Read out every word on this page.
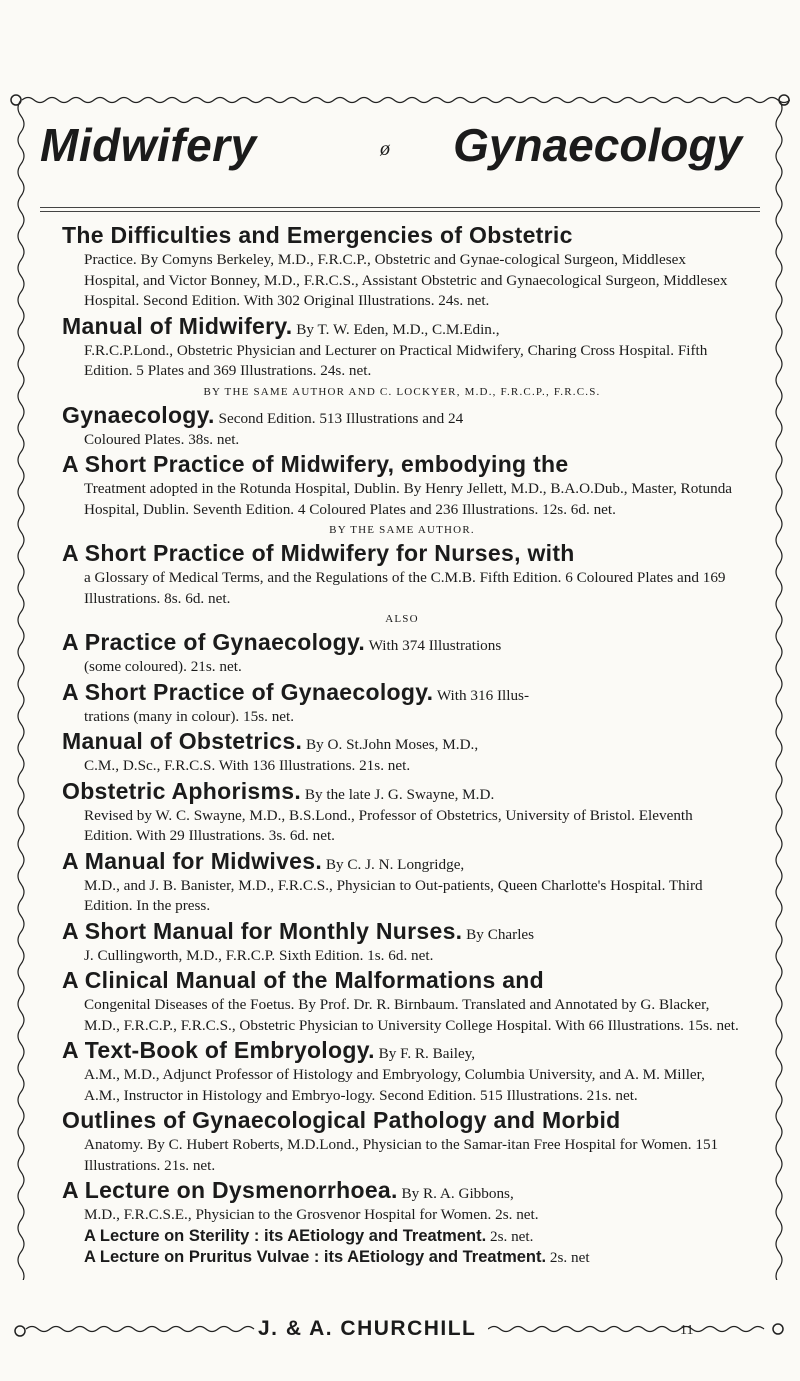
Midwifery	ø Gynaecology
The Difficulties and Emergencies of Obstetric
Practice. By Comyns Berkeley, M.D., F.R.C.P., Obstetric and Gynae-cological Surgeon, Middlesex Hospital, and Victor Bonney, M.D., F.R.C.S., Assistant Obstetric and Gynaecological Surgeon, Middlesex Hospital. Second Edition. With 302 Original Illustrations. 24s. net.
Manual of Midwifery. By T. W. Eden, M.D., C.M.Edin.,
F.R.C.P.Lond., Obstetric Physician and Lecturer on Practical Midwifery, Charing Cross Hospital. Fifth Edition. 5 Plates and 369 Illustrations. 24s. net.
BY THE SAME AUTHOR AND C. LOCKYER, M.D., F.R.C.P., F.R.C.S.
Gynaecology. Second Edition. 513 Illustrations and 24
Coloured Plates. 38s. net.
A Short Practice of Midwifery, embodying the
Treatment adopted in the Rotunda Hospital, Dublin. By Henry Jellett, M.D., B.A.O.Dub., Master, Rotunda Hospital, Dublin. Seventh Edition. 4 Coloured Plates and 236 Illustrations. 12s. 6d. net.
BY THE SAME AUTHOR.
A Short Practice of Midwifery for Nurses, with
a Glossary of Medical Terms, and the Regulations of the C.M.B. Fifth Edition. 6 Coloured Plates and 169 Illustrations. 8s. 6d. net.
ALSO
A Practice of Gynaecology. With 374 Illustrations
(some coloured). 21s. net.
A Short Practice of Gynaecology. With 316 Illus-
trations (many in colour). 15s. net.
Manual of Obstetrics. By O. St.John Moses, M.D.,
C.M., D.Sc., F.R.C.S. With 136 Illustrations. 21s. net.
Obstetric Aphorisms. By the late J. G. Swayne, M.D.
Revised by W. C. Swayne, M.D., B.S.Lond., Professor of Obstetrics, University of Bristol. Eleventh Edition. With 29 Illustrations. 3s. 6d. net.
A Manual for Midwives. By C. J. N. Longridge,
M.D., and J. B. Banister, M.D., F.R.C.S., Physician to Out-patients, Queen Charlotte's Hospital. Third Edition. In the press.
A Short Manual for Monthly Nurses. By Charles
J. Cullingworth, M.D., F.R.C.P. Sixth Edition. 1s. 6d. net.
A Clinical Manual of the Malformations and
Congenital Diseases of the Foetus. By Prof. Dr. R. Birnbaum. Translated and Annotated by G. Blacker, M.D., F.R.C.P., F.R.C.S., Obstetric Physician to University College Hospital. With 66 Illustrations. 15s. net.
A Text-Book of Embryology. By F. R. Bailey,
A.M., M.D., Adjunct Professor of Histology and Embryology, Columbia University, and A. M. Miller, A.M., Instructor in Histology and Embryo-logy. Second Edition. 515 Illustrations. 21s. net.
Outlines of Gynaecological Pathology and Morbid
Anatomy. By C. Hubert Roberts, M.D.Lond., Physician to the Samar-itan Free Hospital for Women. 151 Illustrations. 21s. net.
A Lecture on Dysmenorrhoea. By R. A. Gibbons,
M.D., F.R.C.S.E., Physician to the Grosvenor Hospital for Women. 2s. net.
A Lecture on Sterility : its AEtiology and Treatment. 2s. net.
A Lecture on Pruritus Vulvae : its AEtiology and Treatment. 2s. net
J. & A. CHURCHILL	11
